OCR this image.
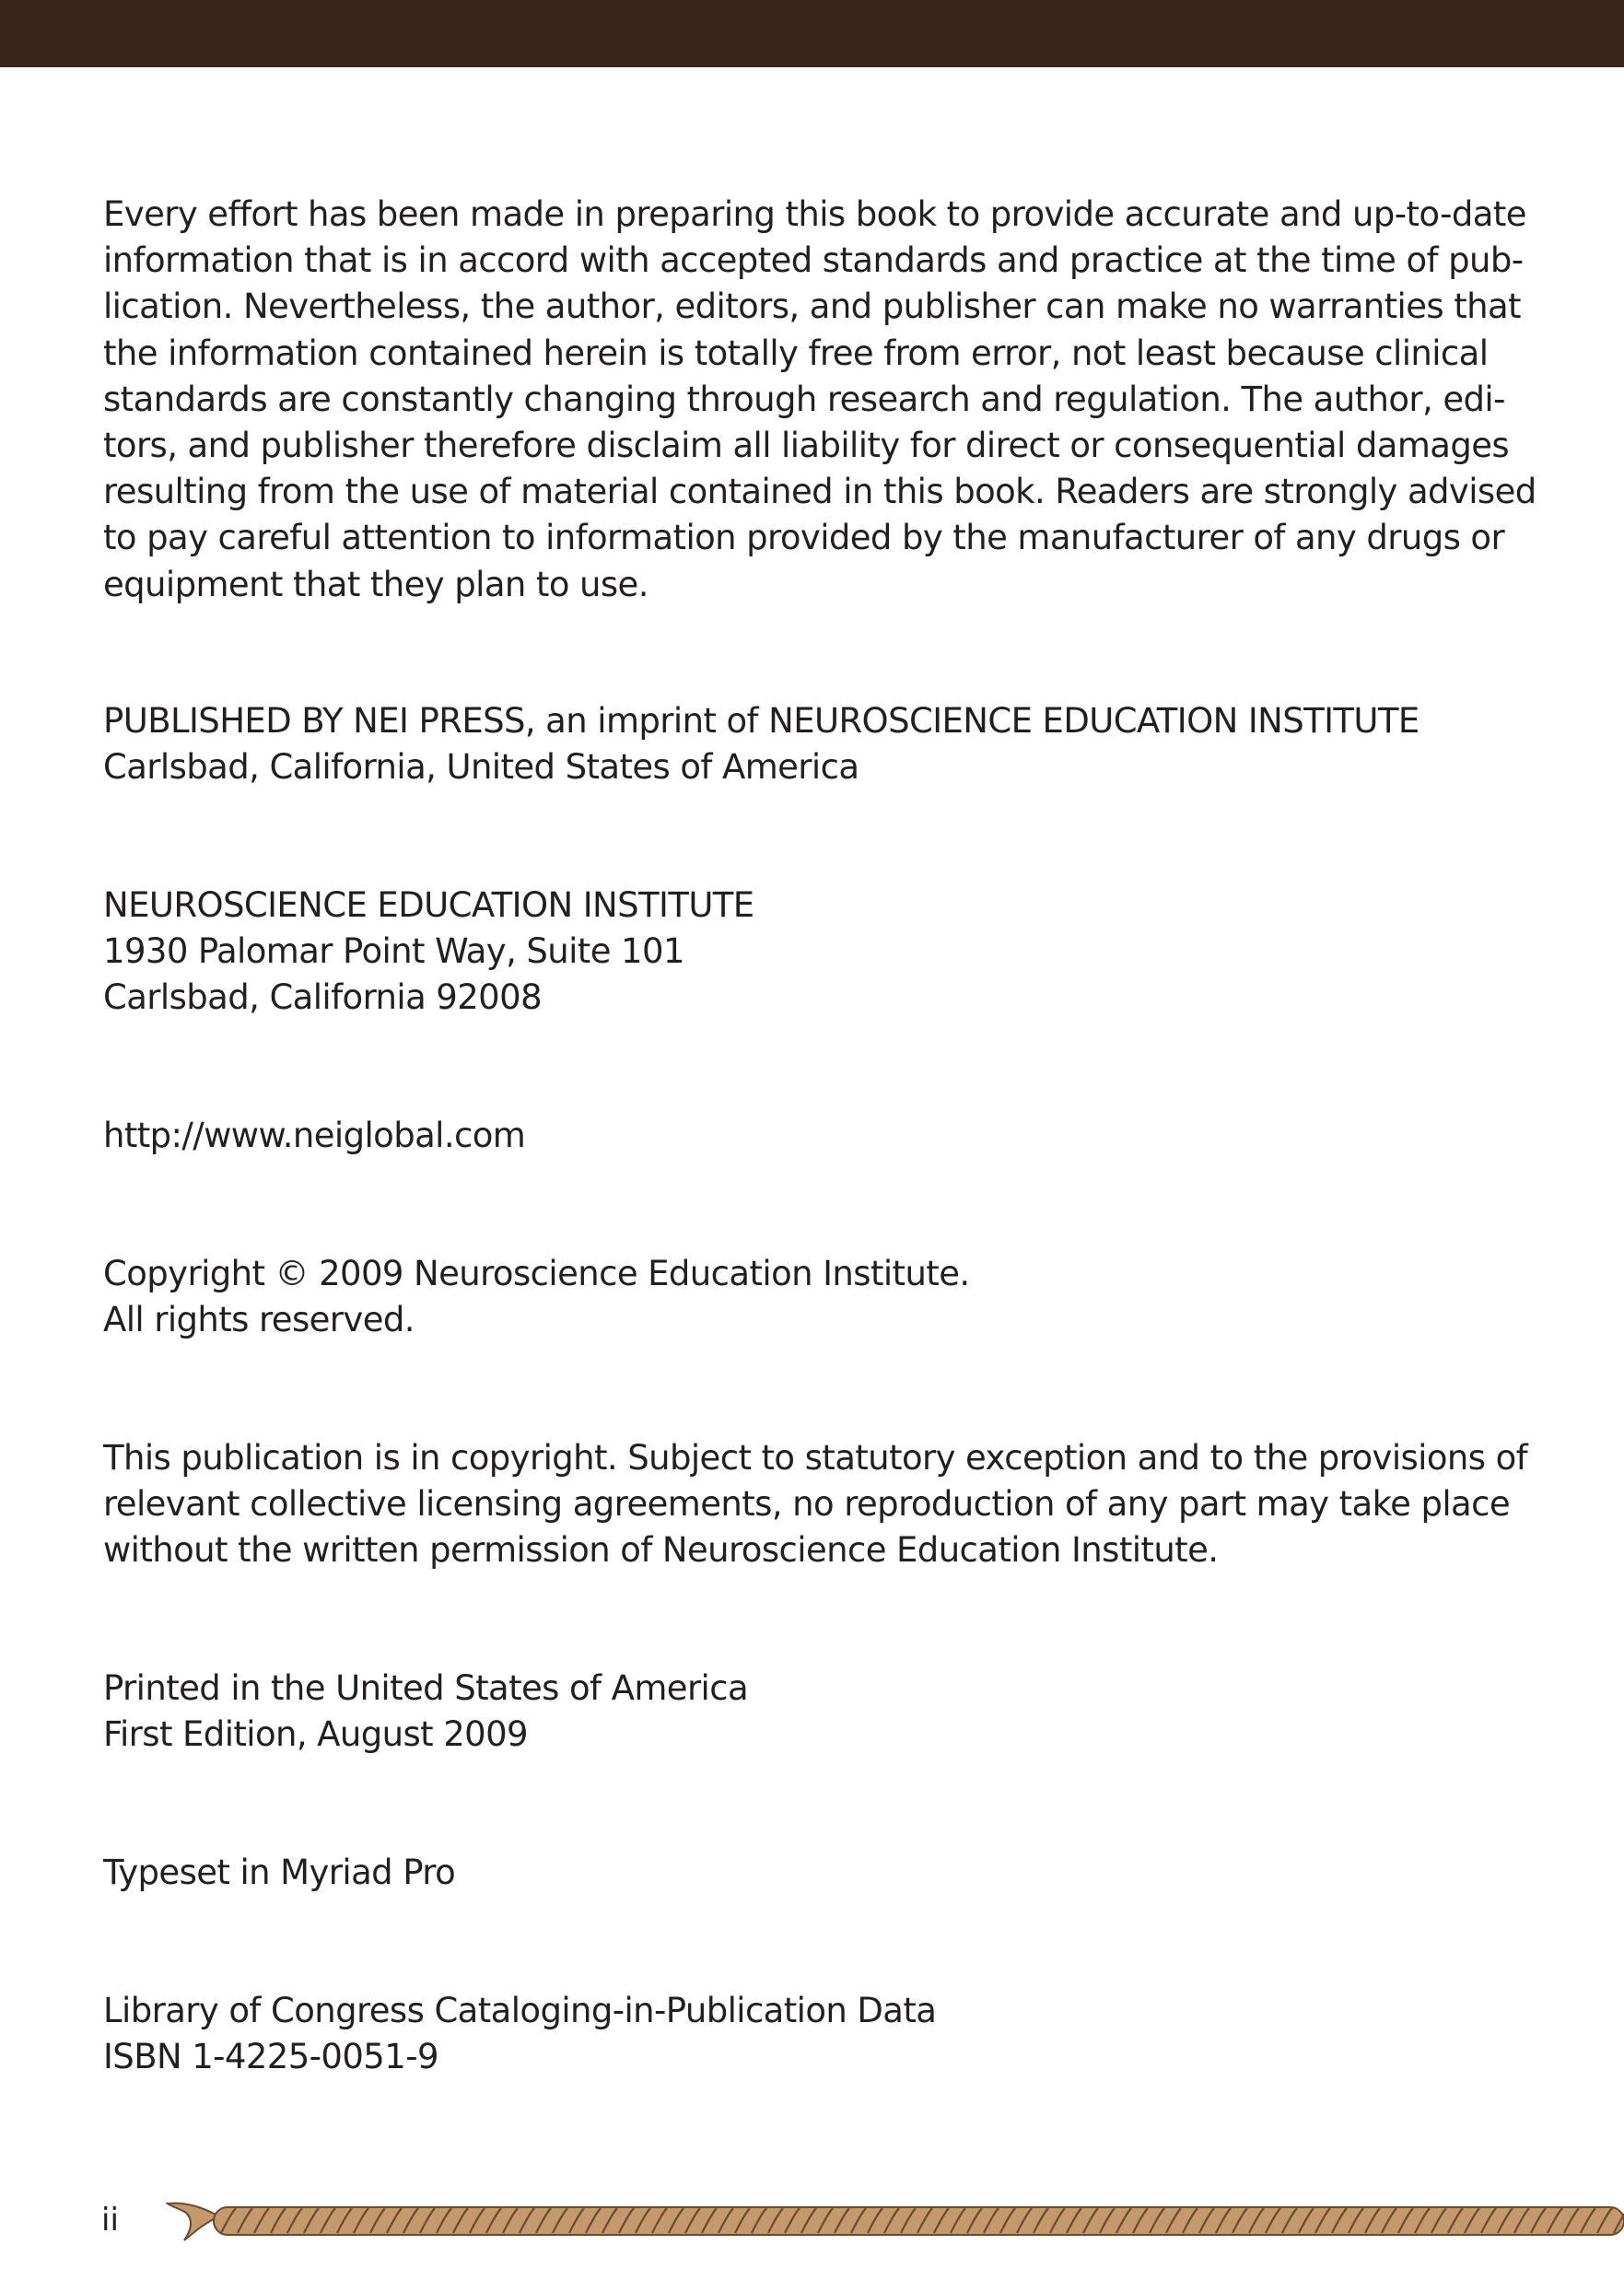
Every effort has been made in preparing this book to provide accurate and up-to-date
information that is in accord with accepted standards and practice at the time of pub-
lication. Nevertheless, the author, editors, and publisher can make no warranties that
the information contained herein is totally free from error, not least because clinical
standards are constantly changing through research and regulation. The author, edi-
tors, and publisher therefore disclaim all liability for direct or consequential damages
resulting from the use of material contained in this book. Readers are strongly advised
to pay careful attention to information provided by the manufacturer of any drugs or
equipment that they plan to use.

PUBLISHED BY NEI PRESS, an imprint of NEUROSCIENCE EDUCATION INSTITUTE
Carlsbad, California, United States of America

NEUROSCIENCE EDUCATION INSTITUTE
1930 Palomar Point Way, Suite 101
Carlsbad, California 92008

http://www.neiglobal.com

Copyright © 2009 Neuroscience Education Institute.
All rights reserved.

This publication is in copyright. Subject to statutory exception and to the provisions of
relevant collective licensing agreements, no reproduction of any part may take place
without the written permission of Neuroscience Education Institute.

Printed in the United States of America
First Edition, August 2009

Typeset in Myriad Pro

Library of Congress Cataloging-in-Publication Data
ISBN 1-4225-0051-9

ii
